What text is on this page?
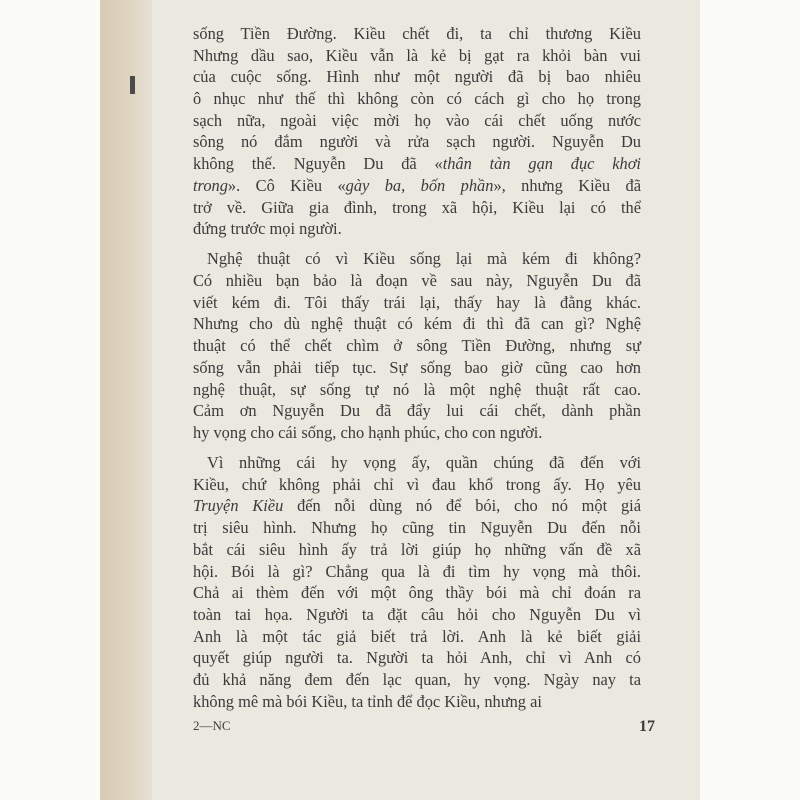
sống Tiền Đường. Kiều chết đi, ta chỉ thương Kiều
Nhưng dầu sao, Kiều vẫn là kẻ bị gạt ra khỏi bàn vui
của cuộc sống. Hình như một người đã bị bao nhiêu
ô nhục như thế thì không còn có cách gì cho họ trong
sạch nữa, ngoài việc mời họ vào cái chết uống nước
sông nó đắm người và rửa sạch người. Nguyễn Du
không thế. Nguyễn Du đã «thân tàn gạn đục khơi
trong». Cô Kiều «gày ba, bốn phần», nhưng Kiều đã
trở về. Giữa gia đình, trong xã hội, Kiều lại có thể
đứng trước mọi người.
Nghệ thuật có vì Kiều sống lại mà kém đi không?
Có nhiều bạn bảo là đoạn về sau này, Nguyễn Du đã
viết kém đi. Tôi thấy trái lại, thấy hay là đằng khác.
Nhưng cho dù nghệ thuật có kém đi thì đã can gì? Nghệ
thuật có thể chết chìm ở sông Tiền Đường, nhưng sự
sống vẫn phải tiếp tục. Sự sống bao giờ cũng cao hơn
nghệ thuật, sự sống tự nó là một nghệ thuật rất cao.
Cảm ơn Nguyễn Du đã đẩy lui cái chết, dành phần
hy vọng cho cái sống, cho hạnh phúc, cho con người.
Vì những cái hy vọng ấy, quần chúng đã đến với
Kiều, chứ không phải chỉ vì đau khổ trong ấy. Họ yêu
Truyện Kiều đến nỗi dùng nó để bói, cho nó một giá
trị siêu hình. Nhưng họ cũng tin Nguyễn Du đến nỗi
bắt cái siêu hình ấy trả lời giúp họ những vấn đề xã
hội. Bói là gì? Chẳng qua là đi tìm hy vọng mà thôi.
Chả ai thèm đến với một ông thầy bói mà chỉ đoán ra
toàn tai họa. Người ta đặt câu hỏi cho Nguyễn Du vì
Anh là một tác giả biết trả lời. Anh là kẻ biết giải
quyết giúp người ta. Người ta hỏi Anh, chỉ vì Anh có
đủ khả năng đem đến lạc quan, hy vọng. Ngày nay ta
không mê mà bói Kiều, ta tỉnh để đọc Kiều, nhưng ai
2—NC	17
